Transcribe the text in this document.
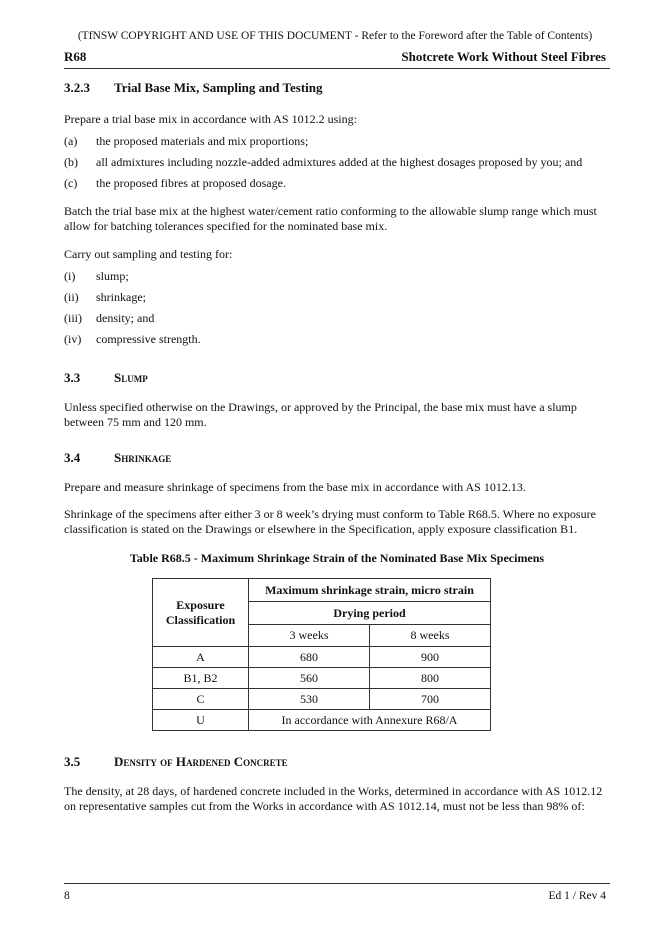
(TfNSW COPYRIGHT AND USE OF THIS DOCUMENT - Refer to the Foreword after the Table of Contents)
R68	Shotcrete Work Without Steel Fibres
3.2.3	Trial Base Mix, Sampling and Testing

Prepare a trial base mix in accordance with AS 1012.2 using:

(a)	the proposed materials and mix proportions;
(b)	all admixtures including nozzle-added admixtures added at the highest dosages proposed by you; and
(c)	the proposed fibres at proposed dosage.

Batch the trial base mix at the highest water/cement ratio conforming to the allowable slump range which must allow for batching tolerances specified for the nominated base mix.

Carry out sampling and testing for:

(i)	slump;
(ii)	shrinkage;
(iii)	density; and
(iv)	compressive strength.
3.3	Slump

Unless specified otherwise on the Drawings, or approved by the Principal, the base mix must have a slump between 75 mm and 120 mm.

3.4	Shrinkage

Prepare and measure shrinkage of specimens from the base mix in accordance with AS 1012.13.

Shrinkage of the specimens after either 3 or 8 week’s drying must conform to Table R68.5. Where no exposure classification is stated on the Drawings or elsewhere in the Specification, apply exposure classification B1.

Table R68.5 - Maximum Shrinkage Strain of the Nominated Base Mix Specimens
Exposure Classification	Maximum shrinkage strain, micro strain	
	Drying period	
	3 weeks	8 weeks
A	680	900
B1, B2	560	800
C	530	700
U	In accordance with Annexure R68/A	
3.5	Density of Hardened Concrete

The density, at 28 days, of hardened concrete included in the Works, determined in accordance with AS 1012.12 on representative samples cut from the Works in accordance with AS 1012.14, must not be less than 98% of:

8	Ed 1 / Rev 4
